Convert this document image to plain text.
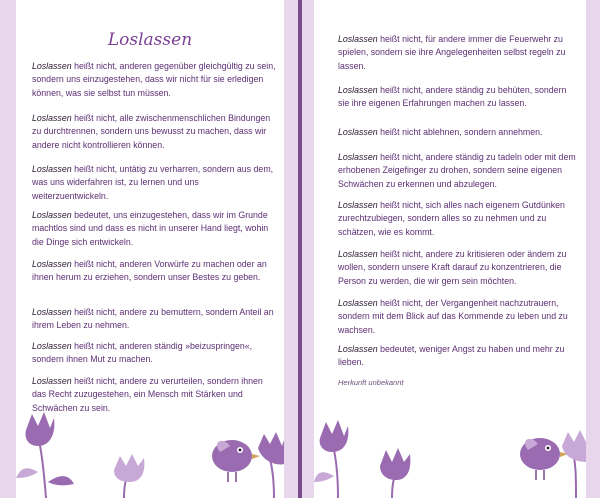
Loslassen

Loslassen heißt nicht, anderen gegenüber gleichgültig zu sein, sondern uns einzugestehen, dass wir nicht für sie erledigen können, was sie selbst tun müssen.

Loslassen heißt nicht, alle zwischenmenschlichen Bindungen zu durchtrennen, sondern uns bewusst zu machen, dass wir andere nicht kontrollieren können.

Loslassen heißt nicht, untätig zu verharren, sondern aus dem, was uns widerfahren ist, zu lernen und uns weiterzuentwickeln.

Loslassen bedeutet, uns einzugestehen, dass wir im Grunde machtlos sind und dass es nicht in unserer Hand liegt, wohin die Dinge sich entwickeln.

Loslassen heißt nicht, anderen Vorwürfe zu machen oder an ihnen herum zu erziehen, sondern unser Bestes zu geben.

Loslassen heißt nicht, andere zu bemuttern, sondern Anteil an ihrem Leben zu nehmen.

Loslassen heißt nicht, anderen ständig »beizuspringen«, sondern ihnen Mut zu machen.

Loslassen heißt nicht, andere zu verurteilen, sondern ihnen das Recht zuzugestehen, ein Mensch mit Stärken und Schwächen zu sein.

Loslassen heißt nicht, für andere immer die Feuerwehr zu spielen, sondern sie ihre Angelegenheiten selbst regeln zu lassen.

Loslassen heißt nicht, andere ständig zu behüten, sondern sie ihre eigenen Erfahrungen machen zu lassen.

Loslassen heißt nicht ablehnen, sondern annehmen.

Loslassen heißt nicht, andere ständig zu tadeln oder mit dem erhobenen Zeigefinger zu drohen, sondern seine eigenen Schwächen zu erkennen und abzulegen.

Loslassen heißt nicht, sich alles nach eigenem Gutdünken zurechtzubiegen, sondern alles so zu nehmen und zu schätzen, wie es kommt.

Loslassen heißt nicht, andere zu kritisieren oder ändern zu wollen, sondern unsere Kraft darauf zu konzentrieren, die Person zu werden, die wir gern sein möchten.

Loslassen heißt nicht, der Vergangenheit nachzutrauern, sondern mit dem Blick auf das Kommende zu leben und zu wachsen.

Loslassen bedeutet, weniger Angst zu haben und mehr zu lieben.

Herkunft unbekannt
